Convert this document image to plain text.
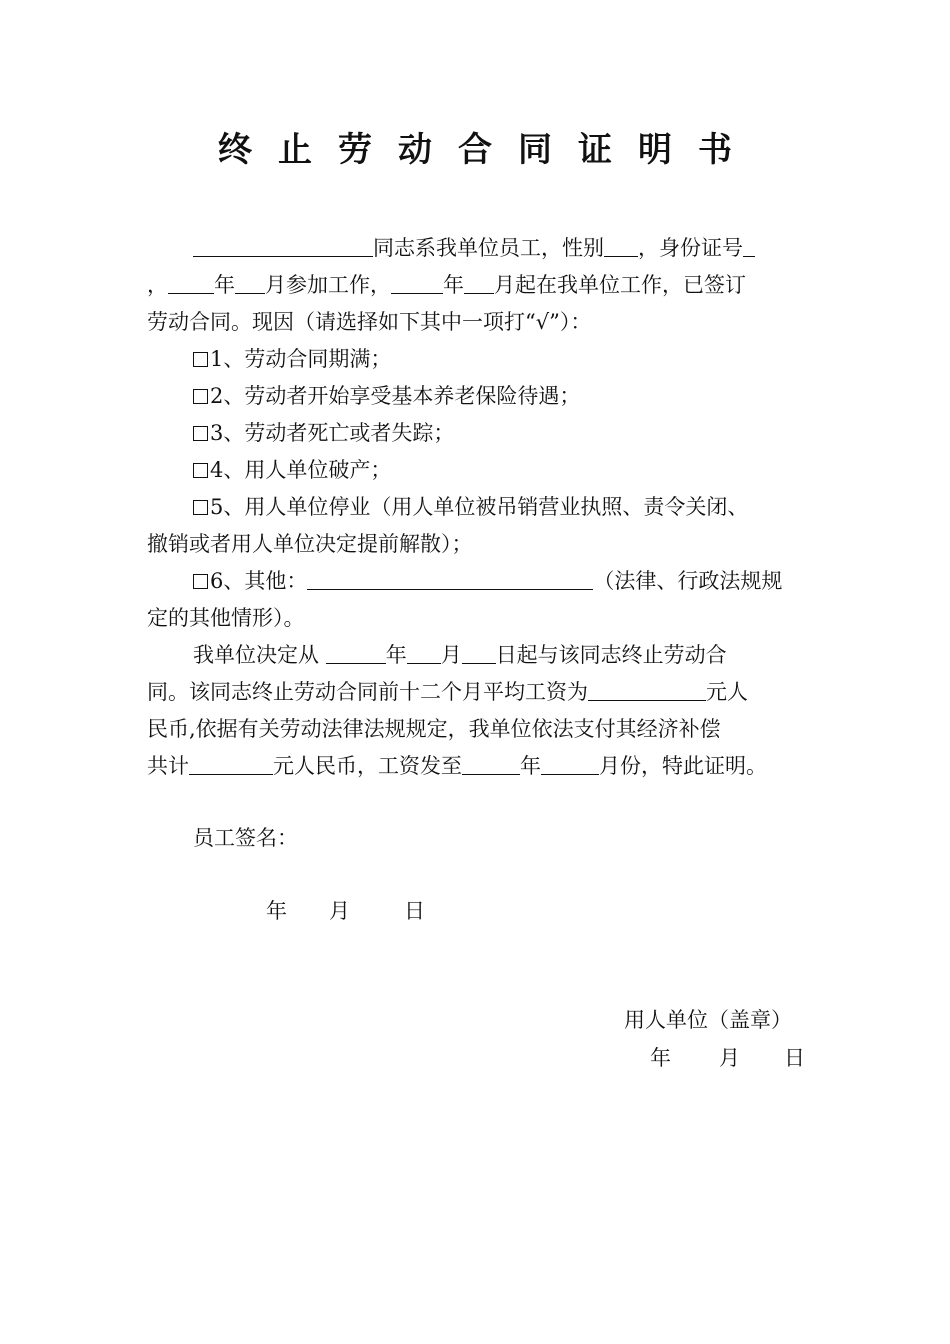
终止劳动合同证明书
同志系我单位员工，性别 ，身份证号
， 年 月参加工作， 年 月起在我单位工作，已签订
劳动合同。现因（请选择如下其中一项打“√”）：
1、劳动合同期满；
2、劳动者开始享受基本养老保险待遇；
3、劳动者死亡或者失踪；
4、用人单位破产；
5、用人单位停业（用人单位被吊销营业执照、责令关闭、
撤销或者用人单位决定提前解散）；
6、其他：	（法律、行政法规规
定的其他情形）。
我单位决定从	年 月 日起与该同志终止劳动合
同。该同志终止劳动合同前十二个月平均工资为	元人
民币,依据有关劳动法律法规规定，我单位依法支付其经济补偿
共计	元人民币，工资发至	年	月份，特此证明。
员工签名：
年 月	日
用人单位（盖章）
年 月 日
